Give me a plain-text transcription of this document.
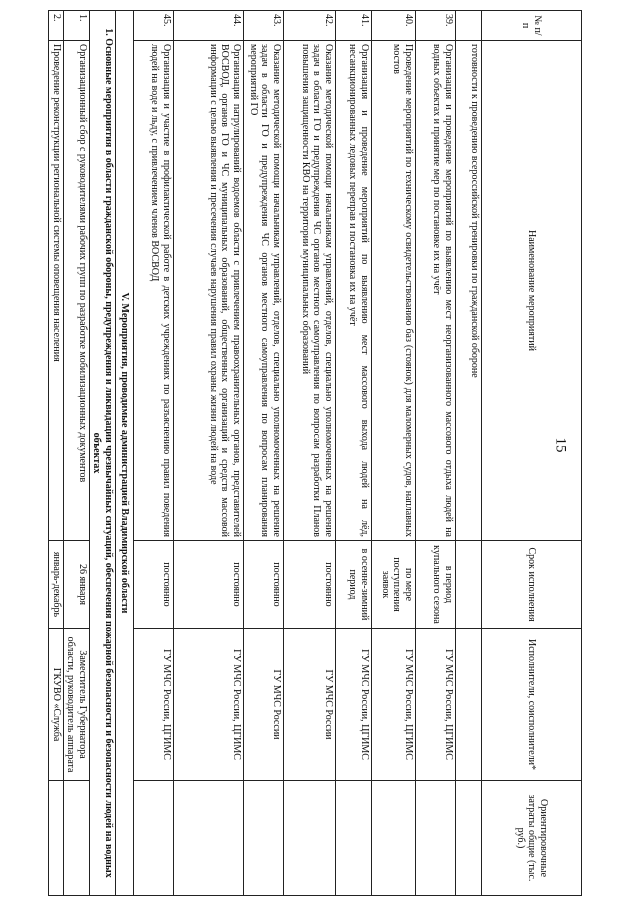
15
№ п/п	Наименование мероприятий	Срок исполнения	Исполнители, соисполнители*	Ориентировочные затраты общие (тыс. руб.)
	готовности к проведению всероссийской тренировки по гражданской обороне			
39.	Организация и проведение мероприятий по выявлению мест неорганизованного массового отдыха людей на водных объектах и принятие мер по постановке их на учёт	в период купального сезона	ГУ МЧС России, ЦГИМС	
40.	Проведение мероприятий по техническому освидетельствованию баз (стоянок) для маломерных судов, наплавных мостов	по мере поступления заявок	ГУ МЧС России, ЦГИМС	
41.	Организация и проведение мероприятий по выявлению мест массового выхода людей на лёд, несанкционированных ледовых переправ и постановка их на учёт	в осенне-зимний период	ГУ МЧС России, ЦГИМС	
42.	Оказание методической помощи начальникам управлений, отделов, специально уполномоченных на решение задач в области ГО и предупреждения ЧС органов местного самоуправления по вопросам разработки Планов повышения защищенности КВО на территории муниципальных образований	постоянно	ГУ МЧС России	
43.	Оказание методической помощи начальникам управлений, отделов, специально уполномоченных на решение задач в области ГО и предупреждения ЧС органов местного самоуправления по вопросам планирования мероприятий ГО	постоянно	ГУ МЧС России	
44.	Организация патрулирований водоемов области с привлечением правоохранительных органов, представителей ВОСВОД, органов ГО и ЧС муниципальных образований, общественных организаций и средств массовой информации с целью выявления и пресечения случаев нарушения правил охраны жизни людей на воде	постоянно	ГУ МЧС России, ЦГИМС	
45.	Организация и участие в профилактической работе в детских учреждениях по разъяснению правил поведения людей на воде и льду, с привлечением членов ВОСВОД	постоянно	ГУ МЧС России, ЦГИМС	
V. Мероприятия, проводимые администрацией Владимирской области				
1. Основные мероприятия в области гражданской обороны, предупреждения и ликвидации чрезвычайных ситуаций, обеспечения пожарной безопасности и безопасности людей на водных объектах				
1.	Организационный сбор с руководителями рабочих групп по разработке мобилизационных документов	26 января	Заместитель Губернатора области, руководитель аппарата	
2.	Проведение реконструкции региональной системы оповещения населения	январь-декабрь	ГКУВО «Служба	
